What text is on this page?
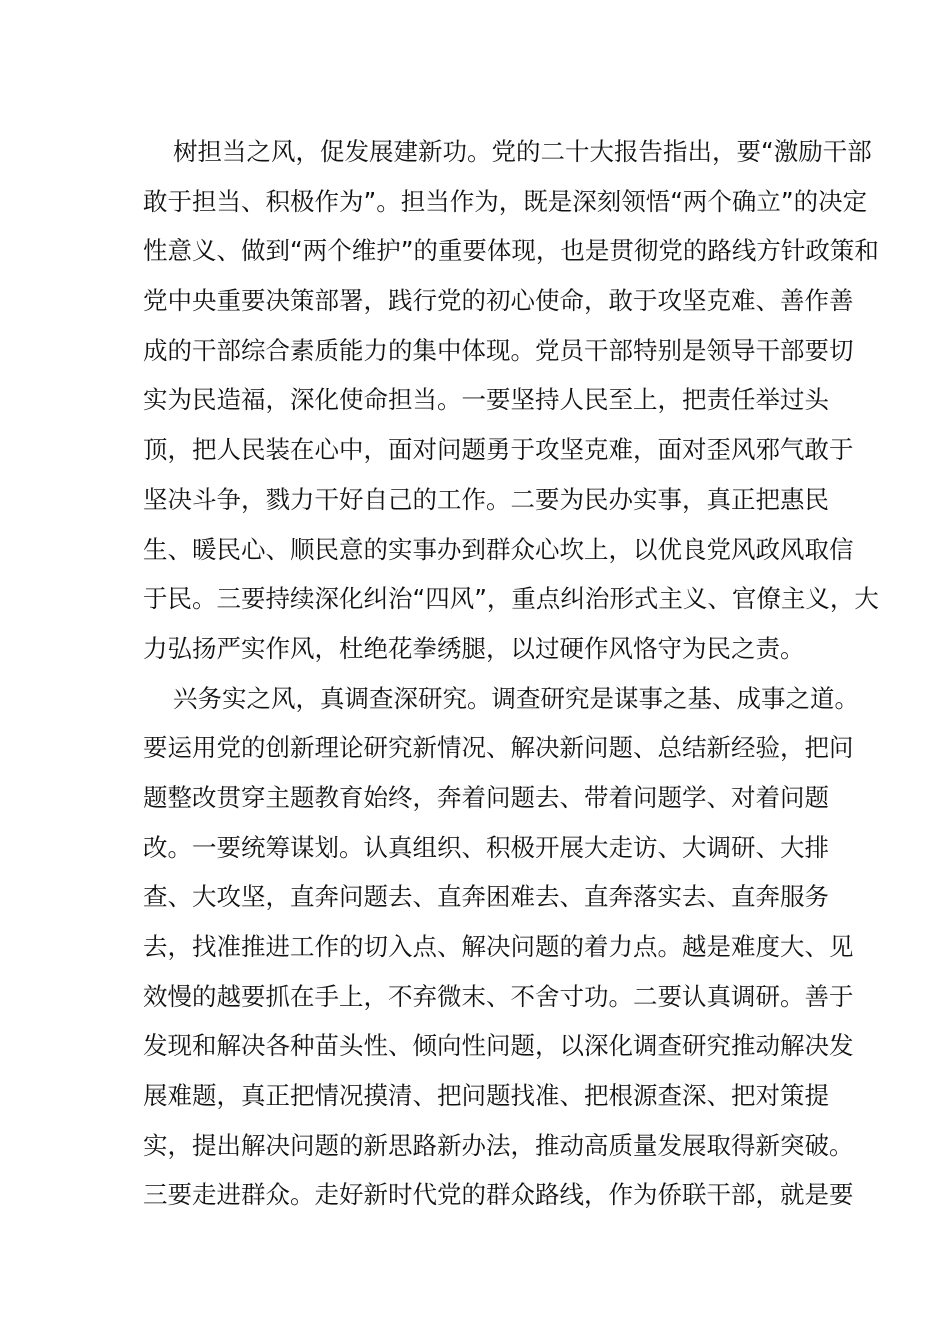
树担当之风，促发展建新功。党的二十大报告指出，要“激励干部
敢于担当、积极作为”。担当作为，既是深刻领悟“两个确立”的决定
性意义、做到“两个维护”的重要体现，也是贯彻党的路线方针政策和
党中央重要决策部署，践行党的初心使命，敢于攻坚克难、善作善
成的干部综合素质能力的集中体现。党员干部特别是领导干部要切
实为民造福，深化使命担当。一要坚持人民至上，把责任举过头
顶，把人民装在心中，面对问题勇于攻坚克难，面对歪风邪气敢于
坚决斗争，戮力干好自己的工作。二要为民办实事，真正把惠民
生、暖民心、顺民意的实事办到群众心坎上，以优良党风政风取信
于民。三要持续深化纠治“四风”，重点纠治形式主义、官僚主义，大
力弘扬严实作风，杜绝花拳绣腿，以过硬作风恪守为民之责。

兴务实之风，真调查深研究。调查研究是谋事之基、成事之道。
要运用党的创新理论研究新情况、解决新问题、总结新经验，把问
题整改贯穿主题教育始终，奔着问题去、带着问题学、对着问题
改。一要统筹谋划。认真组织、积极开展大走访、大调研、大排
查、大攻坚，直奔问题去、直奔困难去、直奔落实去、直奔服务
去，找准推进工作的切入点、解决问题的着力点。越是难度大、见
效慢的越要抓在手上，不弃微末、不舍寸功。二要认真调研。善于
发现和解决各种苗头性、倾向性问题，以深化调查研究推动解决发
展难题，真正把情况摸清、把问题找准、把根源查深、把对策提
实，提出解决问题的新思路新办法，推动高质量发展取得新突破。
三要走进群众。走好新时代党的群众路线，作为侨联干部，就是要
